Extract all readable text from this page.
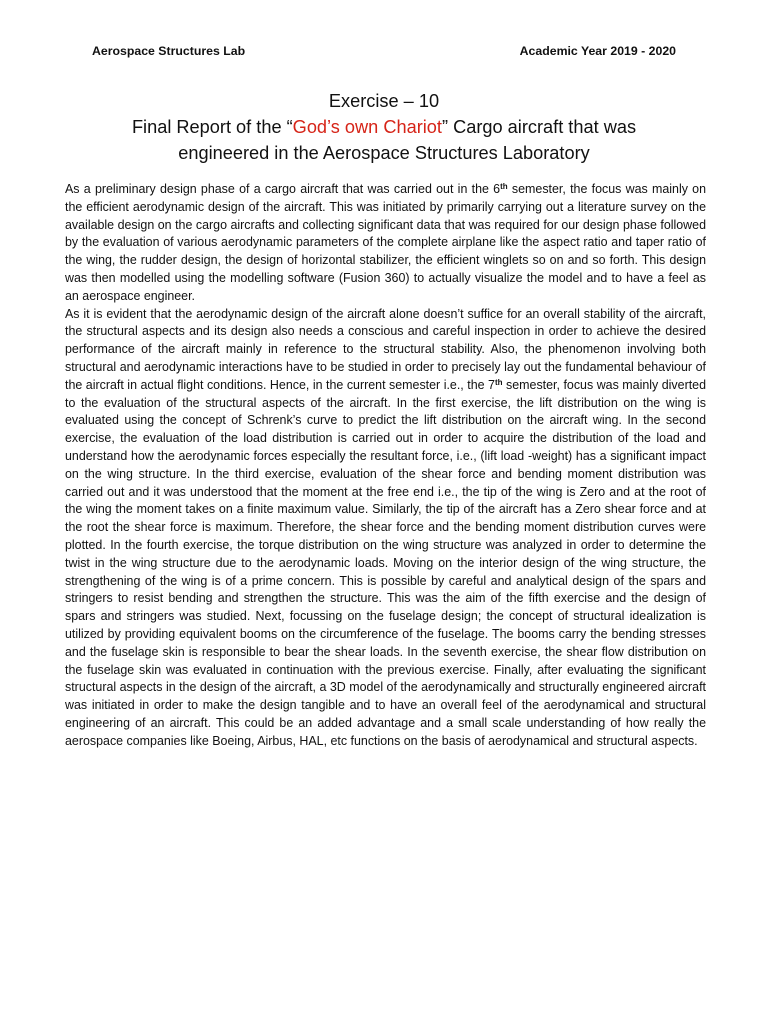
Aerospace Structures Lab	Academic Year 2019 - 2020
Exercise – 10
Final Report of the “God’s own Chariot” Cargo aircraft that was
engineered in the Aerospace Structures Laboratory

As a preliminary design phase of a cargo aircraft that was carried out in the 6th semester, the focus was mainly on the efficient aerodynamic design of the aircraft. This was initiated by primarily carrying out a literature survey on the available design on the cargo aircrafts and collecting significant data that was required for our design phase followed by the evaluation of various aerodynamic parameters of the complete airplane like the aspect ratio and taper ratio of the wing, the rudder design, the design of horizontal stabilizer, the efficient winglets so on and so forth. This design was then modelled using the modelling software (Fusion 360) to actually visualize the model and to have a feel as an aerospace engineer.

As it is evident that the aerodynamic design of the aircraft alone doesn’t suffice for an overall stability of the aircraft, the structural aspects and its design also needs a conscious and careful inspection in order to achieve the desired performance of the aircraft mainly in reference to the structural stability. Also, the phenomenon involving both structural and aerodynamic interactions have to be studied in order to precisely lay out the fundamental behaviour of the aircraft in actual flight conditions. Hence, in the current semester i.e., the 7th semester, focus was mainly diverted to the evaluation of the structural aspects of the aircraft. In the first exercise, the lift distribution on the wing is evaluated using the concept of Schrenk’s curve to predict the lift distribution on the aircraft wing. In the second exercise, the evaluation of the load distribution is carried out in order to acquire the distribution of the load and understand how the aerodynamic forces especially the resultant force, i.e., (lift load -weight) has a significant impact on the wing structure. In the third exercise, evaluation of the shear force and bending moment distribution was carried out and it was understood that the moment at the free end i.e., the tip of the wing is Zero and at the root of the wing the moment takes on a finite maximum value. Similarly, the tip of the aircraft has a Zero shear force and at the root the shear force is maximum. Therefore, the shear force and the bending moment distribution curves were plotted. In the fourth exercise, the torque distribution on the wing structure was analyzed in order to determine the twist in the wing structure due to the aerodynamic loads. Moving on the interior design of the wing structure, the strengthening of the wing is of a prime concern. This is possible by careful and analytical design of the spars and stringers to resist bending and strengthen the structure. This was the aim of the fifth exercise and the design of spars and stringers was studied. Next, focussing on the fuselage design; the concept of structural idealization is utilized by providing equivalent booms on the circumference of the fuselage. The booms carry the bending stresses and the fuselage skin is responsible to bear the shear loads. In the seventh exercise, the shear flow distribution on the fuselage skin was evaluated in continuation with the previous exercise. Finally, after evaluating the significant structural aspects in the design of the aircraft, a 3D model of the aerodynamically and structurally engineered aircraft was initiated in order to make the design tangible and to have an overall feel of the aerodynamical and structural engineering of an aircraft. This could be an added advantage and a small scale understanding of how really the aerospace companies like Boeing, Airbus, HAL, etc functions on the basis of aerodynamical and structural aspects.
